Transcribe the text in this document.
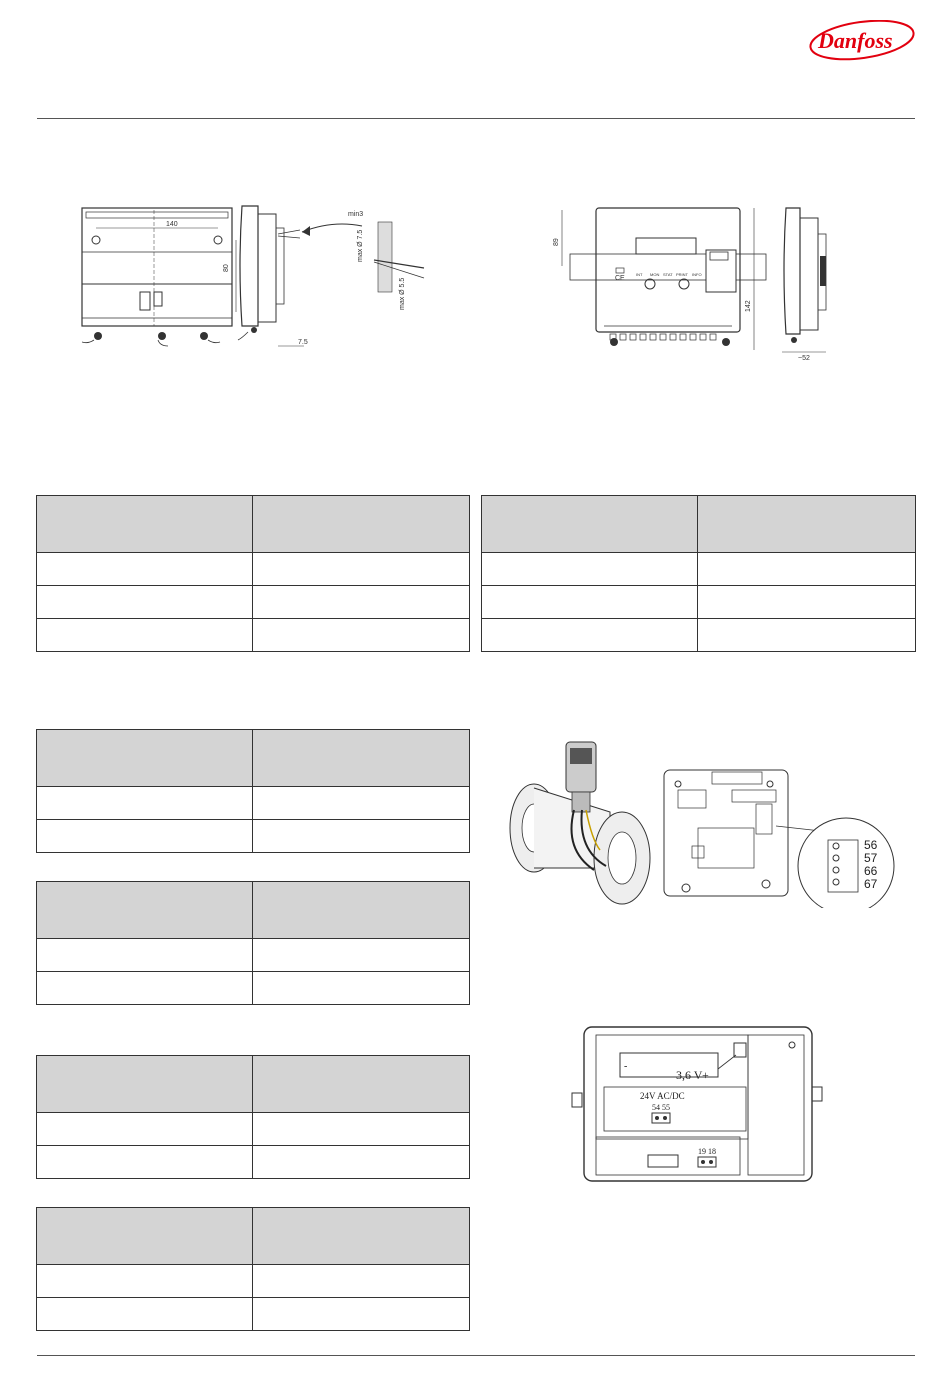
Danfoss
140
80
7.5
min3
max Ø 7.5
max Ø 5.5	CE
INT MON STAT PRINT INFO
89
142
~52

56
57
66
67
-
3,6 V +
24V AC/DC
54 55
19 18
